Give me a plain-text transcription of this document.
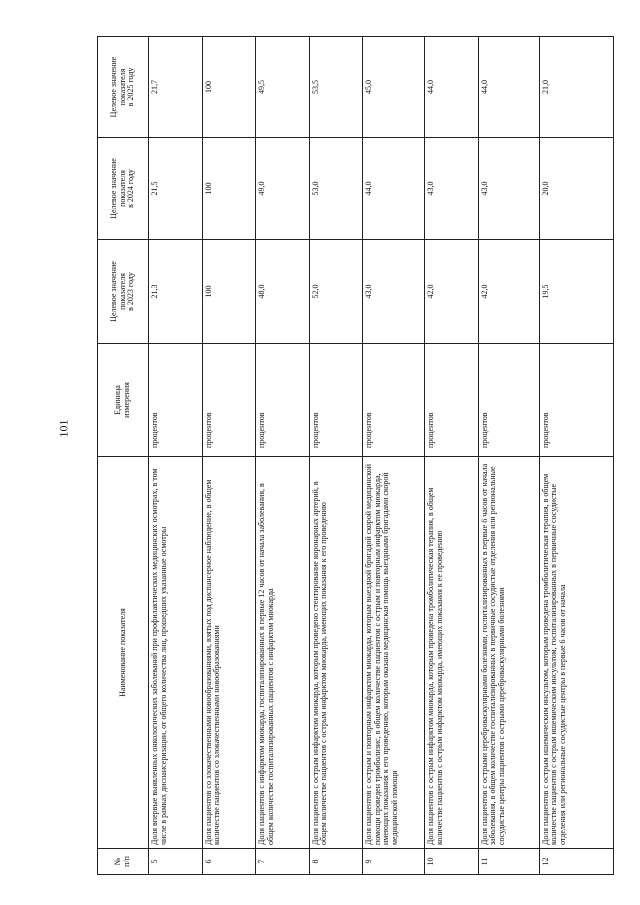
101
№
п/п	Наименование показателя	Единица
измерения	Целевое значение
показателя
в 2023 году	Целевое значение
показателя
в 2024 году	Целевое значение
показателя
в 2025 году
5	Доля впервые выявленных онкологических заболеваний при профилактических медицинских осмотрах, в том числе в рамках диспансеризации, от общего количества лиц, прошедших указанные осмотры	процентов	21,3	21,5	21,7
6	Доля пациентов со злокачественными новообразованиями, взятых под диспансерное наблюдение, в общем количестве пациентов со злокачественными новообразованиями	процентов	100	100	100
7	Доля пациентов с инфарктом миокарда, госпитализированных в первые 12 часов от начала заболевания, в общем количестве госпитализированных пациентов с инфарктом миокарда	процентов	48,0	49,0	49,5
8	Доля пациентов с острым инфарктом миокарда, которым проведено стентирование коронарных артерий, в общем количестве пациентов с острым инфарктом миокарда, имеющих показания к его проведению	процентов	52,0	53,0	53,5
9	Доля пациентов с острым и повторным инфарктом миокарда, которым выездной бригадой скорой медицинской помощи проведен тромболизис, в общем количестве пациентов с острым и повторным инфарктом миокарда, имеющих показания к его проведению, которым оказана медицинская помощь выездными бригадами скорой медицинской помощи	процентов	43,0	44,0	45,0
10	Доля пациентов с острым инфарктом миокарда, которым проведена тромболитическая терапия, в общем количестве пациентов с острым инфарктом миокарда, имеющих показания к ее проведению	процентов	42,0	43,0	44,0
11	Доля пациентов с острыми цереброваскулярными болезнями, госпитализированных в первые 6 часов от начала заболевания, в общем количестве госпитализированных в первичные сосудистые отделения или региональные сосудистые центры пациентов с острыми цереброваскулярными болезнями	процентов	42,0	43,0	44,0
12	Доля пациентов с острым ишемическим инсультом, которым проведена тромболитическая терапия, в общем количестве пациентов с острым ишемическим инсультом, госпитализированных в первичные сосудистые отделения или региональные сосудистые центры в первые 6 часов от начала	процентов	19,5	20,0	21,0
